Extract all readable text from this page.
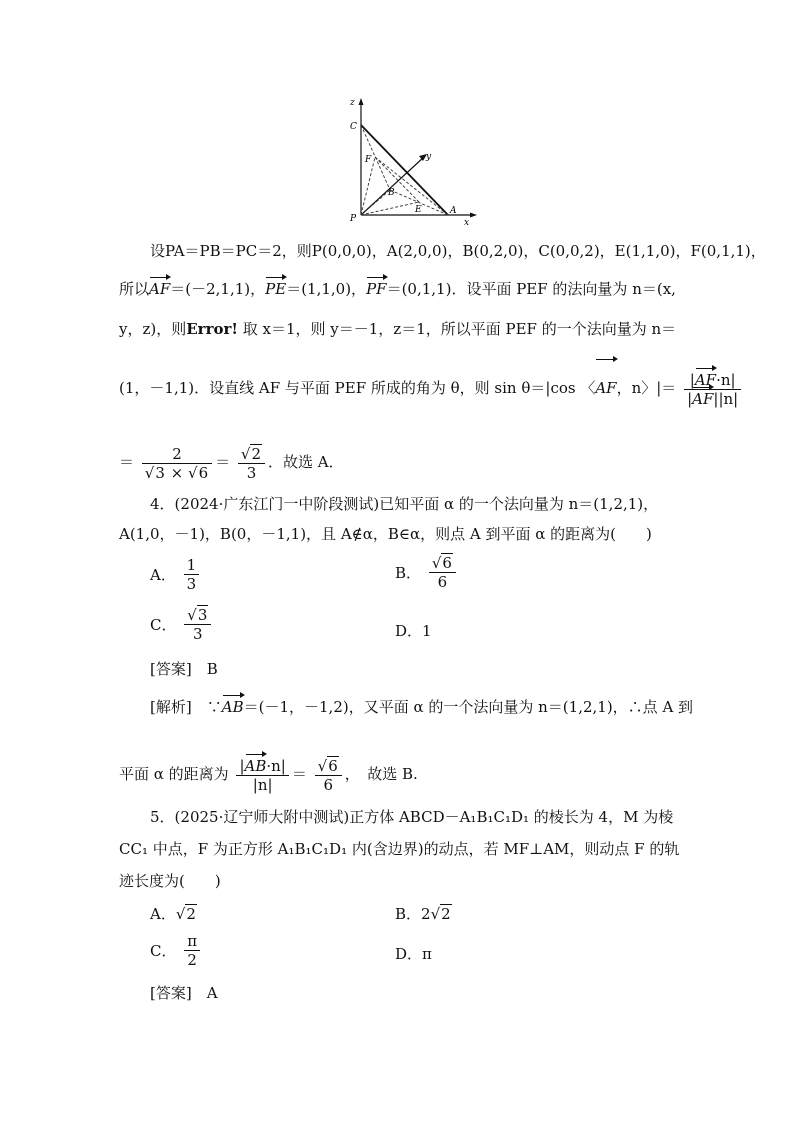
z
C
F	y
B
E
P
A
x
设PA＝PB＝PC＝2，则P(0,0,0)，A(2,0,0)，B(0,2,0)，C(0,0,2)，E(1,1,0)，F(0,1,1)，
所以AF＝(－2,1,1)，PE＝(1,1,0)，PF＝(0,1,1)．设平面 PEF 的法向量为 n＝(x,
y，z)，则Error! 取 x＝1，则 y＝－1，z＝1，所以平面 PEF 的一个法向量为 n＝
(1，－1,1)．设直线 AF 与平面 PEF 所成的角为 θ，则 sin θ＝|cos 〈AF，n〉|＝ $\frac{|AF\cdot n|}{|AF||n|}$
＝ $\frac{2}{√3 \times √6} = \frac{√2}{3}$ ．故选 A．
4．(2024·广东江门一中阶段测试)已知平面 α 的一个法向量为 n＝(1,2,1)，
A(1,0，－1)，B(0，－1,1)，且 A∉α，B∈α，则点 A 到平面 α 的距离为(　　)
A． $\frac{1}{3}$	B． $\frac{√6}{6}$
C． $\frac{√3}{3}$	D．1
[答案]　 B
[解析]　 ∵AB＝(－1，－1,2)，又平面 α 的一个法向量为 n＝(1,2,1)，∴点 A 到
平面 α 的距离为 $\frac{|AB\cdot n|}{|n|} = \frac{√6}{6}$ ，　故选 B.
5．(2025·辽宁师大附中测试)正方体 ABCD－A₁B₁C₁D₁ 的棱长为 4，M 为棱
CC₁ 中点，F 为正方形 A₁B₁C₁D₁ 内(含边界)的动点，若 MF⊥AM，则动点 F 的轨
迹长度为(　　)
A．√2	B．2√2
C． $\frac{\pi}{2}$	D．π
[答案]　 A
